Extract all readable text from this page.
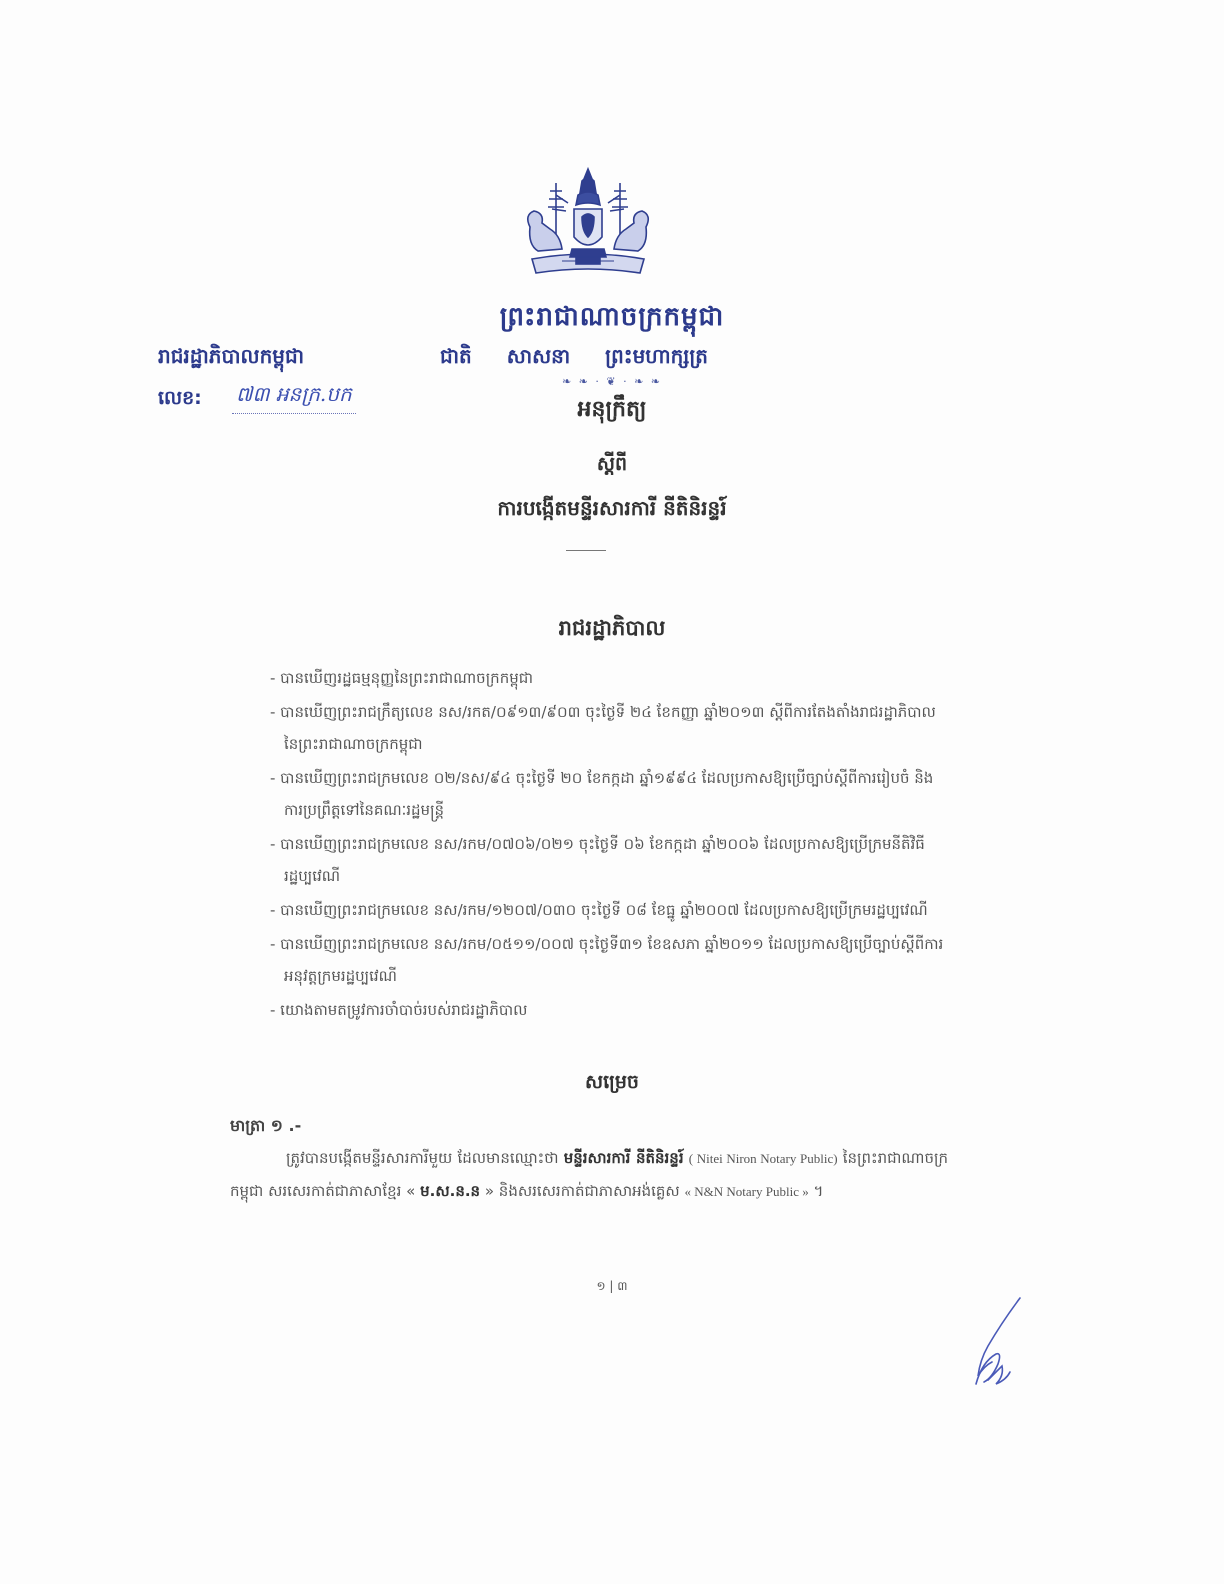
ព្រះរាជាណាចក្រកម្ពុជា
រាជរដ្ឋាភិបាលកម្ពុជា	ជាតិ សាសនា ព្រះមហាក្សត្រ
❧ ❧ · ❦ · ❧ ❧
លេខ: ៧៣ អនក្រ.បក
អនុក្រឹត្យ
ស្តីពី
ការបង្កើតមន្ទីរសារការី នីតិនិរន្ទរ៍
រាជរដ្ឋាភិបាល
- បានឃើញរដ្ឋធម្មនុញ្ញនៃព្រះរាជាណាចក្រកម្ពុជា
- បានឃើញព្រះរាជក្រឹត្យលេខ នស/រកត/០៩១៣/៩០៣ ចុះថ្ងៃទី ២៤ ខែកញ្ញា ឆ្នាំ២០១៣ ស្តីពីការតែងតាំងរាជរដ្ឋាភិបាលនៃព្រះរាជាណាចក្រកម្ពុជា
- បានឃើញព្រះរាជក្រមលេខ ០២/នស/៩៤ ចុះថ្ងៃទី ២០ ខែកក្កដា ឆ្នាំ១៩៩៤ ដែលប្រកាសឱ្យប្រើច្បាប់ស្តីពីការរៀបចំ និងការប្រព្រឹត្តទៅនៃគណៈរដ្ឋមន្ត្រី
- បានឃើញព្រះរាជក្រមលេខ នស/រកម/០៧០៦/០២១ ចុះថ្ងៃទី ០៦ ខែកក្កដា ឆ្នាំ២០០៦ ដែលប្រកាសឱ្យប្រើក្រមនីតិវិធីរដ្ឋប្បវេណី
- បានឃើញព្រះរាជក្រមលេខ នស/រកម/១២០៧/០៣០ ចុះថ្ងៃទី ០៨ ខែធ្នូ ឆ្នាំ២០០៧ ដែលប្រកាសឱ្យប្រើក្រមរដ្ឋប្បវេណី
- បានឃើញព្រះរាជក្រមលេខ នស/រកម/០៥១១/០០៧ ចុះថ្ងៃទី៣១ ខែឧសភា ឆ្នាំ២០១១ ដែលប្រកាសឱ្យប្រើច្បាប់ស្តីពីការអនុវត្តក្រមរដ្ឋប្បវេណី
- យោងតាមតម្រូវការចាំបាច់របស់រាជរដ្ឋាភិបាល
សម្រេច
មាត្រា ១ .-
ត្រូវបានបង្កើតមន្ទីរសារការីមួយ ដែលមានឈ្មោះថា មន្ទីរសារការី នីតិនិរន្ទរ៍ ( Nitei Niron Notary Public) នៃព្រះរាជាណាចក្រកម្ពុជា សរសេរកាត់ជាភាសាខ្មែរ « ម.ស.ន.ន » និងសរសេរកាត់ជាភាសាអង់គ្លេស « N&N Notary Public » ។
១ | ៣
